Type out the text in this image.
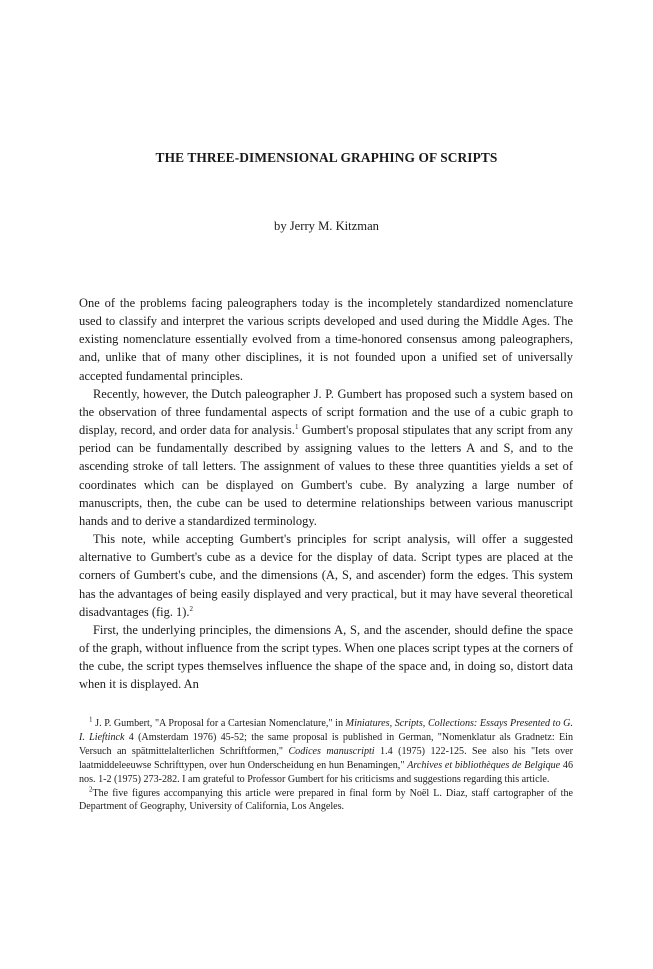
THE THREE-DIMENSIONAL GRAPHING OF SCRIPTS
by Jerry M. Kitzman

One of the problems facing paleographers today is the incompletely standardized nomenclature used to classify and interpret the various scripts developed and used during the Middle Ages. The existing nomenclature essentially evolved from a time-honored consensus among paleographers, and, unlike that of many other disciplines, it is not founded upon a unified set of universally accepted fundamental principles.

Recently, however, the Dutch paleographer J. P. Gumbert has proposed such a system based on the observation of three fundamental aspects of script formation and the use of a cubic graph to display, record, and order data for analysis.$^1$ Gumbert's proposal stipulates that any script from any period can be fundamentally described by assigning values to the letters A and S, and to the ascending stroke of tall letters. The assignment of values to these three quantities yields a set of coordinates which can be displayed on Gumbert's cube. By analyzing a large number of manuscripts, then, the cube can be used to determine relationships between various manuscript hands and to derive a standardized terminology.

This note, while accepting Gumbert's principles for script analysis, will offer a suggested alternative to Gumbert's cube as a device for the display of data. Script types are placed at the corners of Gumbert's cube, and the dimensions (A, S, and ascender) form the edges. This system has the advantages of being easily displayed and very practical, but it may have several theoretical disadvantages (fig. 1).$^2$

First, the underlying principles, the dimensions A, S, and the ascender, should define the space of the graph, without influence from the script types. When one places script types at the corners of the cube, the script types themselves influence the shape of the space and, in doing so, distort data when it is displayed. An

$^1$ J. P. Gumbert, "A Proposal for a Cartesian Nomenclature," in Miniatures, Scripts, Collections: Essays Presented to G. I. Lieftinck 4 (Amsterdam 1976) 45-52; the same proposal is published in German, "Nomenklatur als Gradnetz: Ein Versuch an spätmittelalterlichen Schriftformen," Codices manuscripti 1.4 (1975) 122-125. See also his "Iets over laatmiddeleeuwse Schrifttypen, over hun Onderscheidung en hun Benamingen," Archives et bibliothèques de Belgique 46 nos. 1-2 (1975) 273-282. I am grateful to Professor Gumbert for his criticisms and suggestions regarding this article.

$^2$The five figures accompanying this article were prepared in final form by Noël L. Diaz, staff cartographer of the Department of Geography, University of California, Los Angeles.
